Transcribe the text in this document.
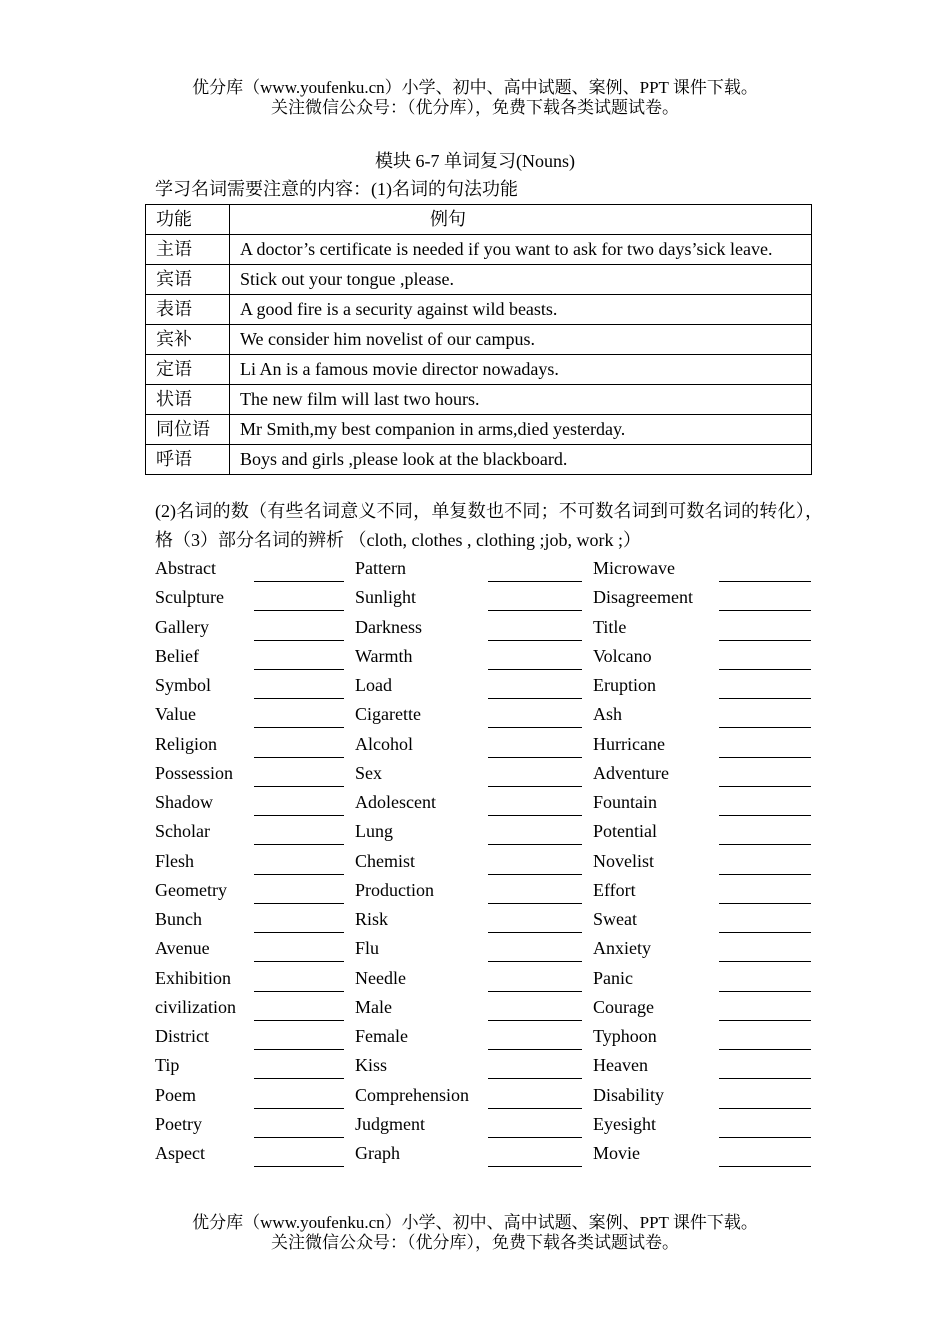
优分库（www.youfenku.cn）小学、初中、高中试题、案例、PPT 课件下载。
关注微信公众号：（优分库），免费下载各类试题试卷。
模块 6-7 单词复习(Nouns)
学习名词需要注意的内容：(1)名词的句法功能
功能	例句
主语	A doctor’s certificate is needed if you want to ask for two days’sick leave.
宾语	Stick out your tongue ,please.
表语	A good fire is a security against wild beasts.
宾补	We consider him novelist of our campus.
定语	Li An is a famous movie director nowadays.
状语	The new film will last two hours.
同位语	Mr Smith,my best companion in arms,died yesterday.
呼语	Boys and girls ,please look at the blackboard.
(2)名词的数（有些名词意义不同，单复数也不同；不可数名词到可数名词的转化），格（3）部分名词的辨析 （cloth, clothes , clothing ;job, work ;）
Abstract	Pattern	Microwave
Sculpture	Sunlight	Disagreement
Gallery	Darkness	Title
Belief	Warmth	Volcano
Symbol	Load	Eruption
Value	Cigarette	Ash
Religion	Alcohol	Hurricane
Possession	Sex	Adventure
Shadow	Adolescent	Fountain
Scholar	Lung	Potential
Flesh	Chemist	Novelist
Geometry	Production	Effort
Bunch	Risk	Sweat
Avenue	Flu	Anxiety
Exhibition	Needle	Panic
civilization	Male	Courage
District	Female	Typhoon
Tip	Kiss	Heaven
Poem	Comprehension	Disability
Poetry	Judgment	Eyesight
Aspect	Graph	Movie
优分库（www.youfenku.cn）小学、初中、高中试题、案例、PPT 课件下载。
关注微信公众号：（优分库），免费下载各类试题试卷。
